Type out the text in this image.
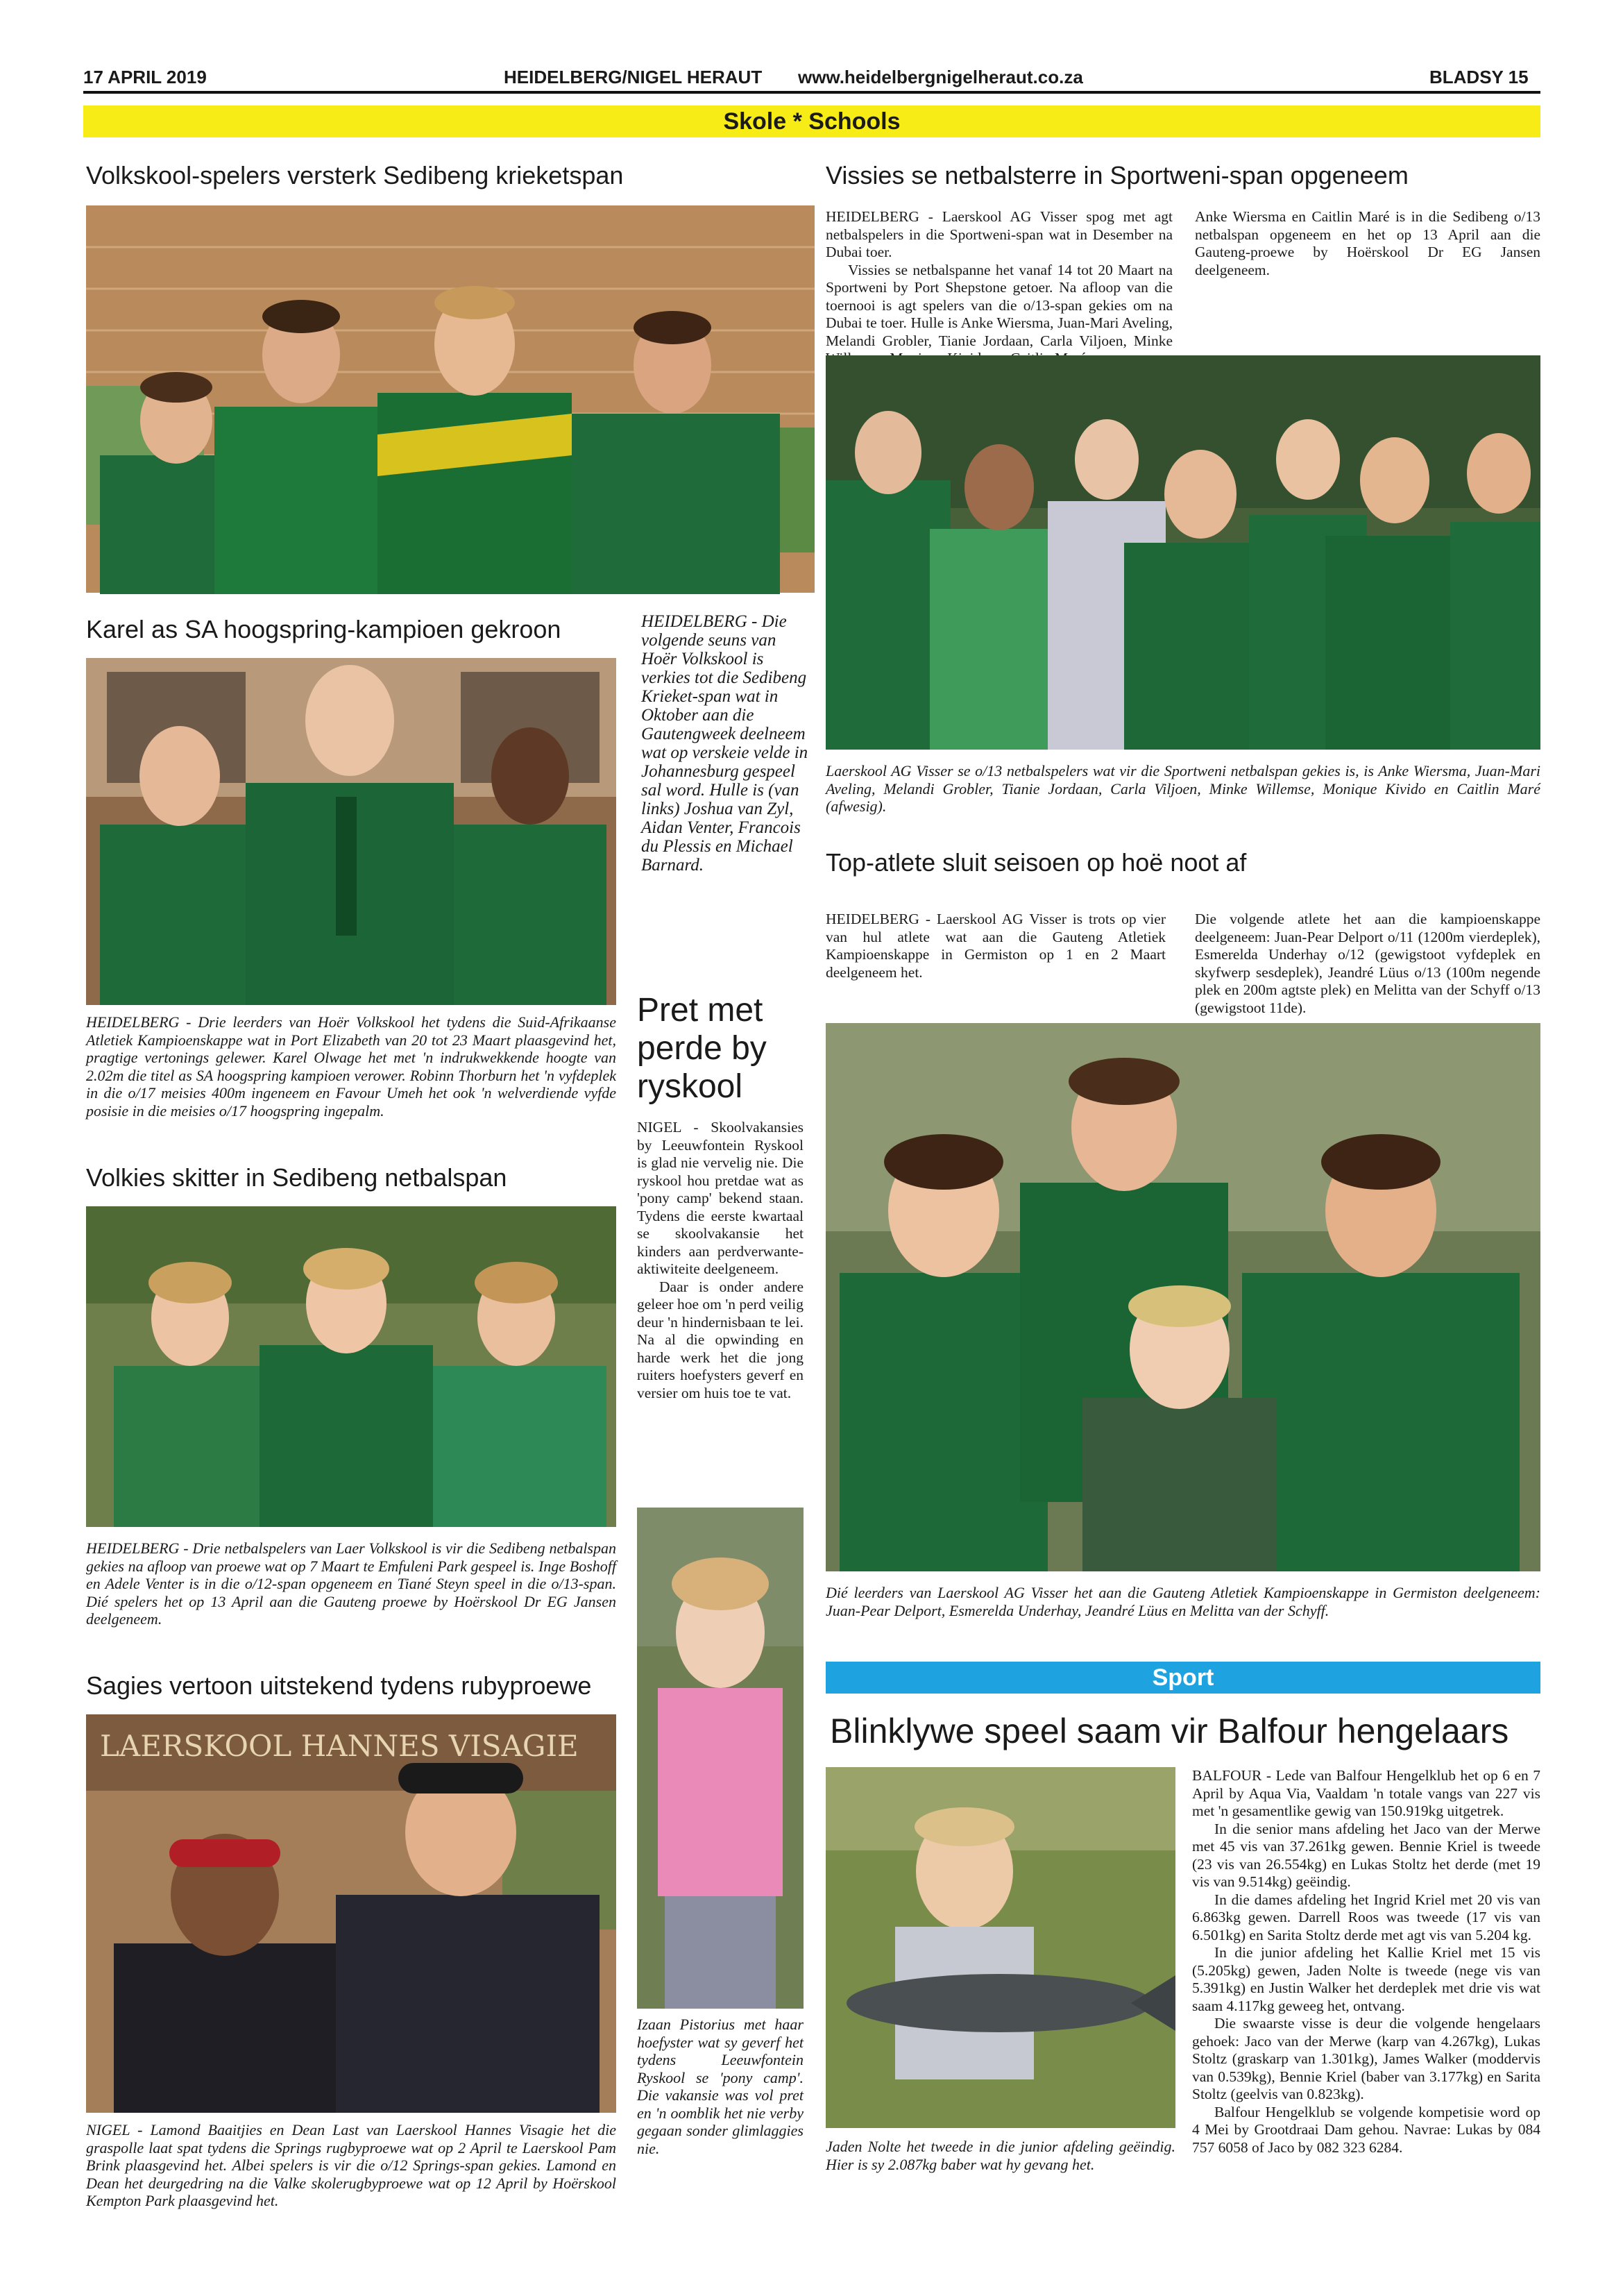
17 APRIL 2019	HEIDELBERG/NIGEL HERAUT www.heidelbergnigelheraut.co.za	BLADSY 15
Skole * Schools
Volkskool-spelers versterk Sedibeng krieketspan
HEIDELBERG - Die volgende seuns van Hoër Volkskool is verkies tot die Sedibeng Krieket-span wat in Oktober aan die Gautengweek deelneem wat op verskeie velde in Johannesburg gespeel sal word. Hulle is (van links) Joshua van Zyl, Aidan Venter, Francois du Plessis en Michael Barnard.
Vissies se netbalsterre in Sportweni-span opgeneem

HEIDELBERG - Laerskool AG Visser spog met agt netbalspelers in die Sportweni-span wat in Desember na Dubai toer.

Vissies se netbalspanne het vanaf 14 tot 20 Maart na Sportweni by Port Shepstone getoer. Na afloop van die toernooi is agt spelers van die o/13-span gekies om na Dubai te toer. Hulle is Anke Wiersma, Juan-Mari Aveling, Melandi Grobler, Tianie Jordaan, Carla Viljoen, Minke

Anke Wiersma en Caitlin Maré is in die Sedibeng o/13 netbalspan opgeneem en het op 13 April aan die Gauteng-proewe by Hoërskool Dr EG Jansen deelgeneem.

Laerskool AG Visser se o/13 netbalspelers wat vir die Sportweni netbalspan gekies is, is Anke Wiersma, Juan-Mari Aveling, Melandi Grobler, Tianie Jordaan, Carla Viljoen, Minke Willemse, Monique Kivido en Caitlin Maré (afwesig).
Karel as SA hoogspring-kampioen gekroon
HEIDELBERG - Drie leerders van Hoër Volkskool het tydens die Suid-Afrikaanse Atletiek Kampioenskappe wat in Port Elizabeth van 20 tot 23 Maart plaasgevind het, pragtige vertonings gelewer. Karel Olwage het met 'n indrukwekkende hoogte van 2.02m die titel as SA hoogspring kampioen verower. Robinn Thorburn het 'n vyfdeplek in die o/17 meisies 400m ingeneem en Favour Umeh het ook 'n welverdiende vyfde posisie in die meisies o/17 hoogspring ingepalm.
Volkies skitter in Sedibeng netbalspan
HEIDELBERG - Drie netbalspelers van Laer Volkskool is vir die Sedibeng netbalspan gekies na afloop van proewe wat op 7 Maart te Emfuleni Park gespeel is. Inge Boshoff en Adele Venter is in die o/12-span opgeneem en Tiané Steyn speel in die o/13-span. Dié spelers het op 13 April aan die Gauteng proewe by Hoërskool Dr EG Jansen deelgeneem.
Sagies vertoon uitstekend tydens rubyproewe
LAERSKOOL HANNES VISAGIE
NIGEL - Lamond Baaitjies en Dean Last van Laerskool Hannes Visagie het die graspolle laat spat tydens die Springs rugbyproewe wat op 2 April te Laerskool Pam Brink plaasgevind het. Albei spelers is vir die o/12 Springs-span gekies. Lamond en Dean het deurgedring na die Valke skolerugbyproewe wat op 12 April by Hoërskool Kempton Park plaasgevind het.
Pret met perde by ryskool

NIGEL - Skoolvakansies by Leeuwfontein Ryskool is glad nie vervelig nie. Die ryskool hou pretdae wat as 'pony camp' bekend staan. Tydens die eerste kwartaal se skoolvakansie het kinders aan perdverwante-aktiwiteite deelgeneem.

Daar is onder andere geleer hoe om 'n perd veilig deur 'n hindernisbaan te lei. Na al die opwinding en harde werk het die jong ruiters hoefysters geverf en versier om huis toe te vat.

Izaan Pistorius met haar hoefyster wat sy geverf het tydens Leeuwfontein Ryskool se 'pony camp'. Die vakansie was vol pret en 'n oomblik het nie verby gegaan sonder glimlaggies nie.
Top-atlete sluit seisoen op hoë noot af

HEIDELBERG - Laerskool AG Visser is trots op vier van hul atlete wat aan die Gauteng Atletiek Kampioenskappe in Germiston op 1 en 2 Maart deelgeneem het.

Die volgende atlete het aan die kampioenskappe deelgeneem: Juan-Pear Delport o/11 (1200m vierdeplek), Esmerelda Underhay o/12 (gewigstoot vyfdeplek en skyfwerp sesdeplek), Jeandré Lüus o/13 (100m negende plek en 200m agtste plek) en Melitta van der Schyff o/13 (gewigstoot 11de).

Dié leerders van Laerskool AG Visser het aan die Gauteng Atletiek Kampioenskappe in Germiston deelgeneem: Juan-Pear Delport, Esmerelda Underhay, Jeandré Lüus en Melitta van der Schyff.
Sport
Blinklywe speel saam vir Balfour hengelaars
Jaden Nolte het tweede in die junior afdeling geëindig. Hier is sy 2.087kg baber wat hy gevang het.

BALFOUR - Lede van Balfour Hengelklub het op 6 en 7 April by Aqua Via, Vaaldam 'n totale vangs van 227 vis met 'n gesamentlike gewig van 150.919kg uitgetrek.

In die senior mans afdeling het Jaco van der Merwe met 45 vis van 37.261kg gewen. Bennie Kriel is tweede (23 vis van 26.554kg) en Lukas Stoltz het derde (met 19 vis van 9.514kg) geëindig.

In die dames afdeling het Ingrid Kriel met 20 vis van 6.863kg gewen. Darrell Roos was tweede (17 vis van 6.501kg) en Sarita Stoltz derde met agt vis van 5.204 kg.

In die junior afdeling het Kallie Kriel met 15 vis (5.205kg) gewen, Jaden Nolte is tweede (nege vis van 5.391kg) en Justin Walker het derdeplek met drie vis wat saam 4.117kg geweeg het, ontvang.

Die swaarste visse is deur die volgende hengelaars gehoek: Jaco van der Merwe (karp van 4.267kg), Lukas Stoltz (graskarp van 1.301kg), James Walker (moddervis van 0.539kg), Bennie Kriel (baber van 3.177kg) en Sarita Stoltz (geelvis van 0.823kg).

Balfour Hengelklub se volgende kompetisie word op 4 Mei by Grootdraai Dam gehou. Navrae: Lukas by 084 757 6058 of Jaco by 082 323 6284.
